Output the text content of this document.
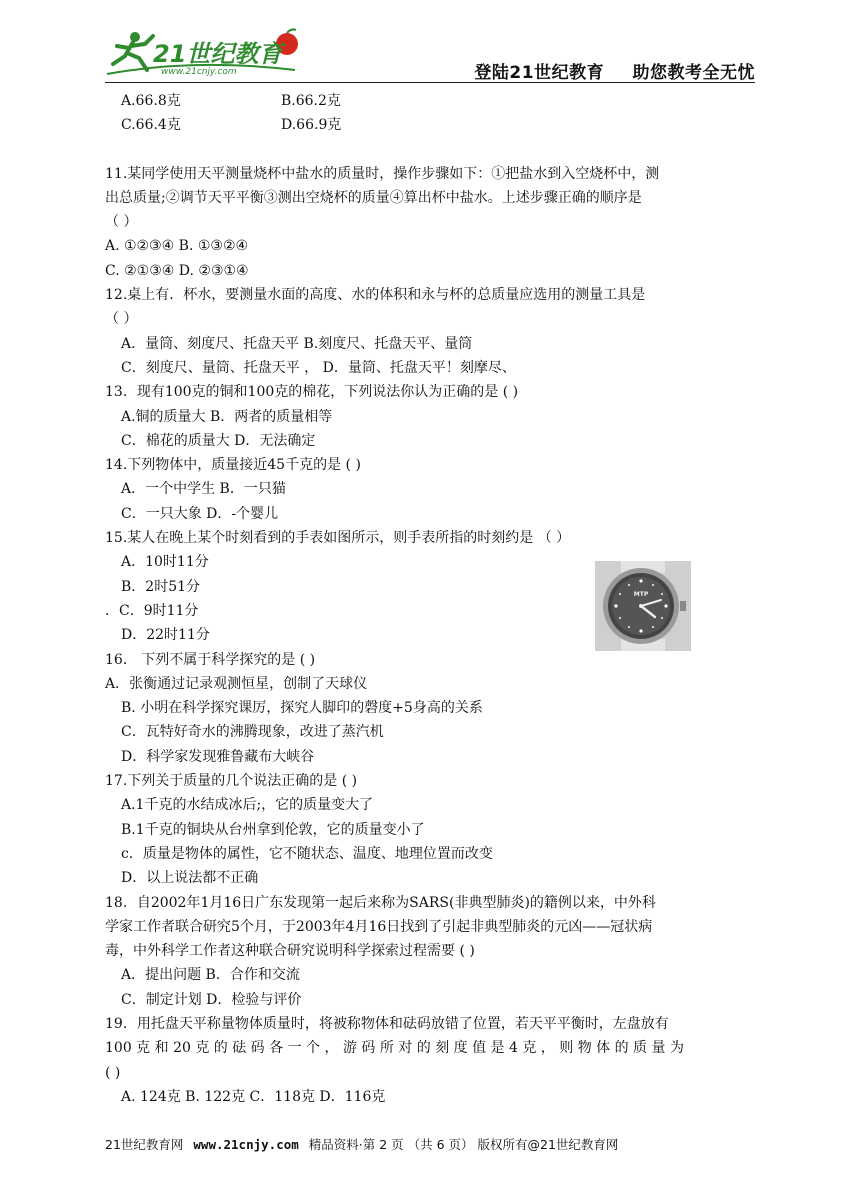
21世纪教育
www.21cnjy.com	登陆21世纪教育 助您教考全无忧
A.66.8克	B.66.2克
C.66.4克	D.66.9克
11.某同学使用天平测量烧杯中盐水的质量时，操作步骤如下：①把盐水到入空烧杯中，测
出总质量;②调节天平平衡③测出空烧杯的质量④算出杯中盐水。上述步骤正确的顺序是
（ ）
A. ①②③④ B. ①③②④
C. ②①③④ D. ②③①④
12.桌上有．杯水，要测量水面的高度、水的体积和永与杯的总质量应选用的测量工具是
（ ）
A．量筒、刻度尺、托盘天平 B.刻度尺、托盘天平、量筒
C．刻度尺、量筒、托盘天平 ， D．量筒、托盘天平！刻摩尽、
13．现有100克的铜和100克的棉花，下列说法你认为正确的是 ( )
A.铜的质量大 B．两者的质量相等
C．棉花的质量大 D．无法确定
14.下列物体中，质量接近45千克的是 ( )
A．一个中学生 B．一只猫
C．一只大象 D．-个婴儿
15.某人在晚上某个时刻看到的手表如图所示，则手表所指的时刻约是 （ ）
A．10时11分
B．2时51分
．C．9时11分
D．22时11分
16． 下列不属于科学探究的是 ( )
A．张衡通过记录观测恒星，创制了天球仪
B. 小明在科学探究课厉，探究人脚印的磬度+5身高的关系
C．瓦特好奇水的沸腾现象，改进了蒸汽机
D．科学家发现雅鲁藏布大峡谷
17.下列关于质量的几个说法正确的是 ( )
A.1千克的水结成冰后;，它的质量变大了
B.1千克的铜块从台州拿到伦敦，它的质量变小了
c．质量是物体的属性，它不随状态、温度、地理位置而改变
D．以上说法都不正确
18．自2002年1月16日广东发现第一起后来称为SARS(非典型肺炎)的籍例以来，中外科
学家工作者联合研究5个月，于2003年4月16日找到了引起非典型肺炎的元凶——冠状病
毒，中外科学工作者这种联合研究说明科学探索过程需要 ( )
A．提出问题 B．合作和交流
C．制定计划 D．检验与评价
19．用托盘天平称量物体质量时，将被称物体和砝码放错了位置，若天平平衡时，左盘放有
100 克 和 20 克 的 砝 码 各 一 个 ， 游 码 所 对 的 刻 度 值 是 4 克 ， 则 物 体 的 质 量 为
( )
A. 124克 B. 122克 C．118克 D．116克
MTP
21世纪教育网 www.21cnjy.com 精品资料·第 2 页 （共 6 页） 版权所有@21世纪教育网
